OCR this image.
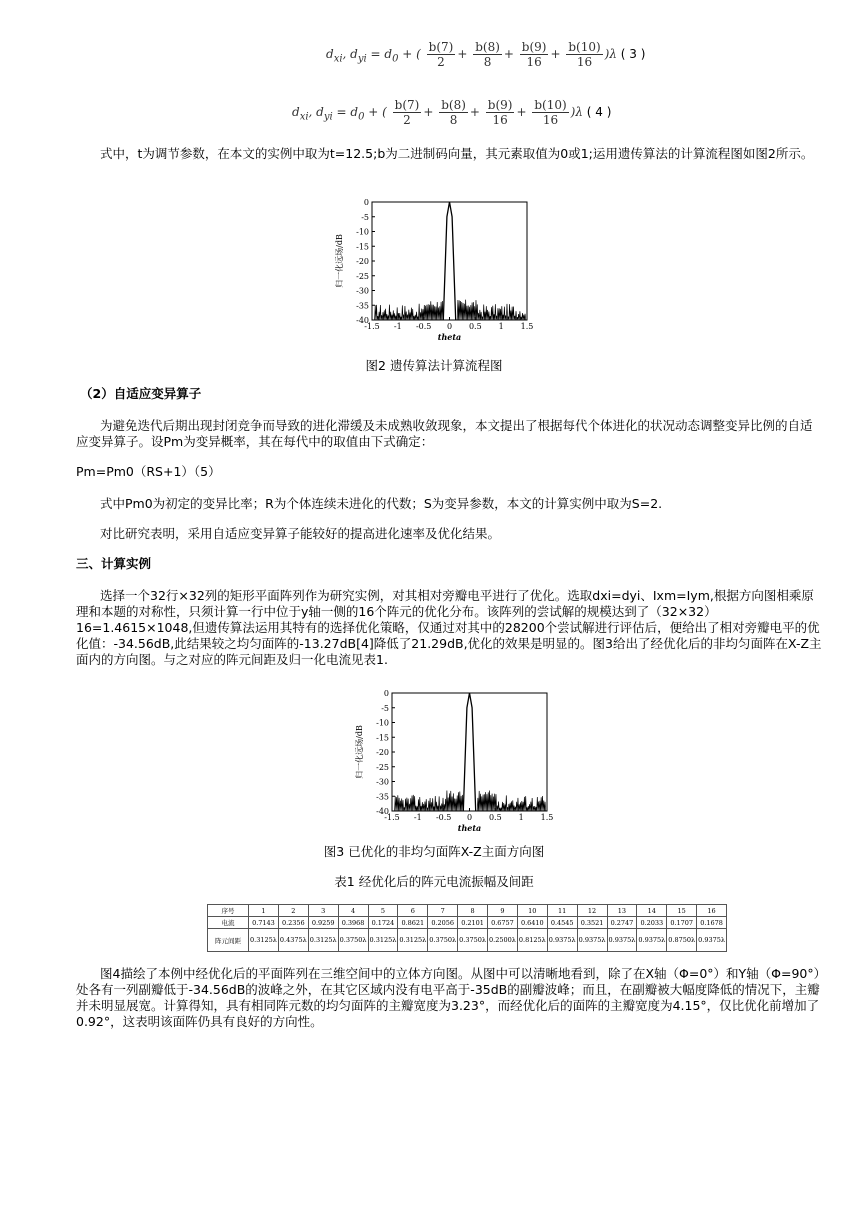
$d_{xi}$, $d_{yi} = d_0$ + ( $\frac{b(7)}{2} + \frac{b(8)}{8} + \frac{b(9)}{16} + \frac{b(10)}{16} )\lambda$ ( 3 )
$d_{xi}$, $d_{yi} = d_0$ + ( $\frac{b(7)}{2} + \frac{b(8)}{8} + \frac{b(9)}{16} + \frac{b(10)}{16} )\lambda$ ( 4 )

式中，t为调节参数，在本文的实例中取为t=12.5;b为二进制码向量，其元素取值为0或1;运用遗传算法的计算流程图如图2所示。

0
-5
-10
-15
-20
-25
-30
-35
-40
-1.5 -1 -0.5 0 0.5 1 1.5
theta
归一化远场/dB
图2 遗传算法计算流程图

（2）自适应变异算子

为避免迭代后期出现封闭竞争而导致的进化滞缓及未成熟收敛现象，本文提出了根据每代个体进化的状况动态调整变异比例的自适应变异算子。设Pm为变异概率，其在每代中的取值由下式确定：

Pm=Pm0（RS+1）（5）

式中Pm0为初定的变异比率；R为个体连续未进化的代数；S为变异参数，本文的计算实例中取为S=2.

对比研究表明，采用自适应变异算子能较好的提高进化速率及优化结果。

三、计算实例

选择一个32行×32列的矩形平面阵列作为研究实例，对其相对旁瓣电平进行了优化。选取dxi=dyi、Ixm=Iym,根据方向图相乘原理和本题的对称性，只须计算一行中位于y轴一侧的16个阵元的优化分布。该阵列的尝试解的规模达到了（32×32）16=1.4615×1048,但遗传算法运用其特有的选择优化策略，仅通过对其中的28200个尝试解进行评估后，便给出了相对旁瓣电平的优化值：-34.56dB,此结果较之均匀面阵的-13.27dB[4]降低了21.29dB,优化的效果是明显的。图3给出了经优化后的非均匀面阵在X-Z主面内的方向图。与之对应的阵元间距及归一化电流见表1.

0
-5
-10
-15
-20
-25
-30
-35
-40
-1.5 -1 -0.5 0 0.5 1 1.5
theta
归一化远场/dB
图3 已优化的非均匀面阵X-Z主面方向图
表1 经优化后的阵元电流振幅及间距
序号	1	2	3	4	5	6	7	8	9	10	11	12	13	14	15	16
电流	0.7143	0.2356	0.9259	0.3968	0.1724	0.8621	0.2056	0.2101	0.6757	0.6410	0.4545	0.3521	0.2747	0.2033	0.1707	0.1678
阵元间距	0.3125λ	0.4375λ	0.3125λ	0.3750λ	0.3125λ	0.3125λ	0.3750λ	0.3750λ	0.2500λ	0.8125λ	0.9375λ	0.9375λ	0.9375λ	0.9375λ	0.8750λ	0.9375λ

图4描绘了本例中经优化后的平面阵列在三维空间中的立体方向图。从图中可以清晰地看到，除了在X轴（Φ=0°）和Y轴（Φ=90°）处各有一列副瓣低于-34.56dB的波峰之外，在其它区域内没有电平高于-35dB的副瓣波峰；而且，在副瓣被大幅度降低的情况下，主瓣并未明显展宽。计算得知，具有相同阵元数的均匀面阵的主瓣宽度为3.23°，而经优化后的面阵的主瓣宽度为4.15°，仅比优化前增加了0.92°，这表明该面阵仍具有良好的方向性。
